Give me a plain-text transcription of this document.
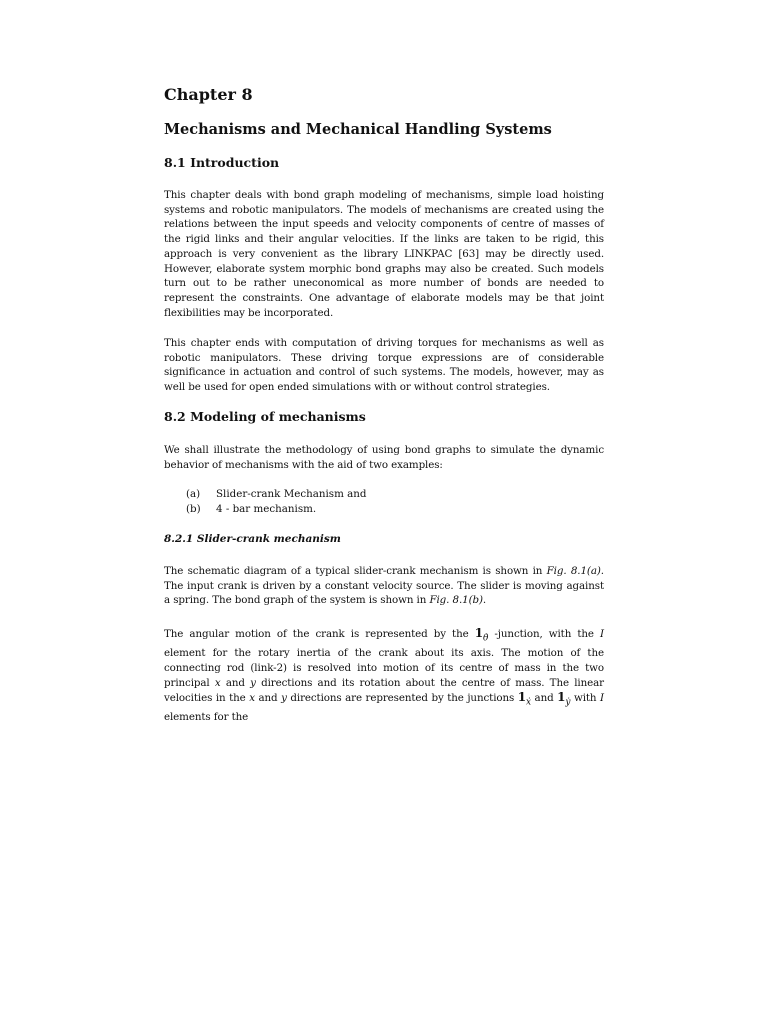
Chapter 8
Mechanisms and Mechanical Handling Systems
8.1 Introduction

This chapter deals with bond graph modeling of mechanisms, simple load hoisting systems and robotic manipulators. The models of mechanisms are created using the relations between the input speeds and velocity components of centre of masses of the rigid links and their angular velocities. If the links are taken to be rigid, this approach is very convenient as the library LINKPAC [63] may be directly used. However, elaborate system morphic bond graphs may also be created. Such models turn out to be rather uneconomical as more number of bonds are needed to represent the constraints. One advantage of elaborate models may be that joint flexibilities may be incorporated.

This chapter ends with computation of driving torques for mechanisms as well as robotic manipulators. These driving torque expressions are of considerable significance in actuation and control of such systems. The models, however, may as well be used for open ended simulations with or without control strategies.

8.2 Modeling of mechanisms

We shall illustrate the methodology of using bond graphs to simulate the dynamic behavior of mechanisms with the aid of two examples:

(a)	Slider-crank Mechanism and
(b)	4 - bar mechanism.
8.2.1 Slider-crank mechanism

The schematic diagram of a typical slider-crank mechanism is shown in Fig. 8.1(a). The input crank is driven by a constant velocity source. The slider is moving against a spring. The bond graph of the system is shown in Fig. 8.1(b).

The angular motion of the crank is represented by the $1_{\thetȧ}$ -junction, with the I element for the rotary inertia of the crank about its axis. The motion of the connecting rod (link-2) is resolved into motion of its centre of mass in the two principal x and y directions and its rotation about the centre of mass. The linear velocities in the x and y directions are represented by the junctions $1_ẋ$ and $1_ẏ$ with I elements for the
